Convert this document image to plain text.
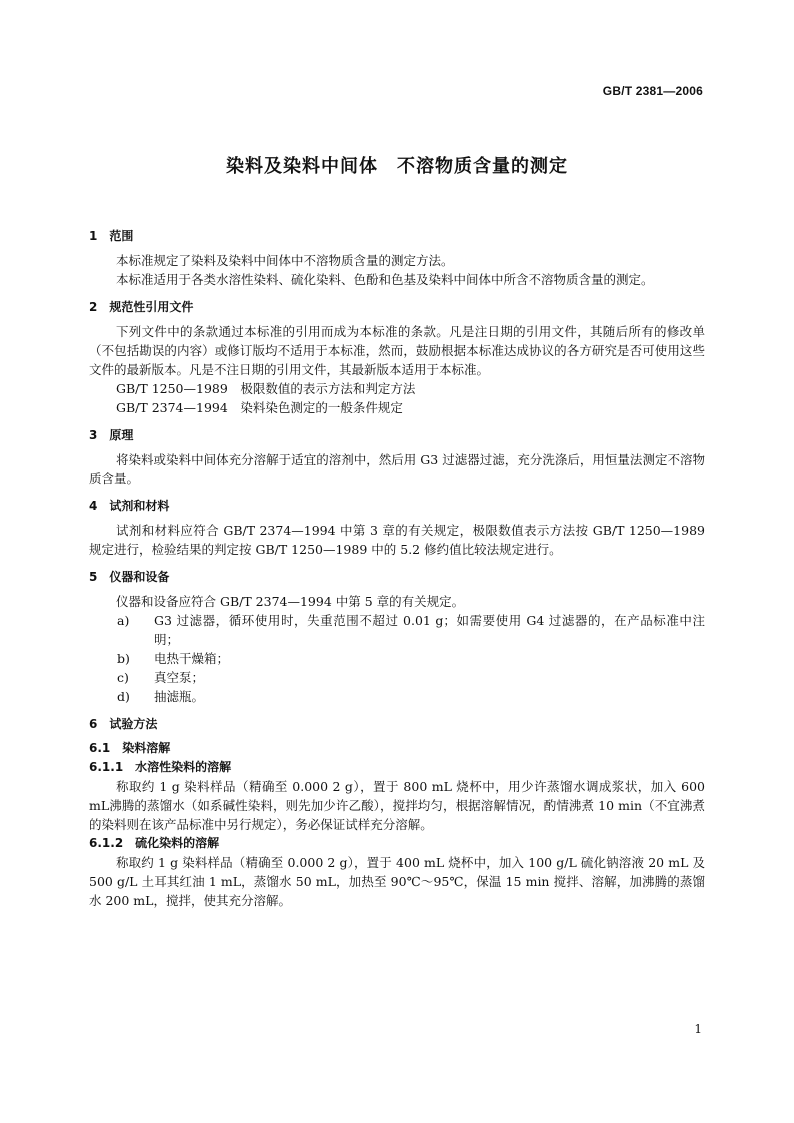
GB/T 2381—2006
染料及染料中间体　不溶物质含量的测定
1　范围

本标准规定了染料及染料中间体中不溶物质含量的测定方法。

本标准适用于各类水溶性染料、硫化染料、色酚和色基及染料中间体中所含不溶物质含量的测定。

2　规范性引用文件

下列文件中的条款通过本标准的引用而成为本标准的条款。凡是注日期的引用文件，其随后所有的修改单（不包括勘误的内容）或修订版均不适用于本标准，然而，鼓励根据本标准达成协议的各方研究是否可使用这些文件的最新版本。凡是不注日期的引用文件，其最新版本适用于本标准。

GB/T 1250—1989　极限数值的表示方法和判定方法

GB/T 2374—1994　染料染色测定的一般条件规定

3　原理

将染料或染料中间体充分溶解于适宜的溶剂中，然后用 G3 过滤器过滤，充分洗涤后，用恒量法测定不溶物质含量。

4　试剂和材料

试剂和材料应符合 GB/T 2374—1994 中第 3 章的有关规定，极限数值表示方法按 GB/T 1250—1989 规定进行，检验结果的判定按 GB/T 1250—1989 中的 5.2 修约值比较法规定进行。

5　仪器和设备

仪器和设备应符合 GB/T 2374—1994 中第 5 章的有关规定。

a)	G3 过滤器，循环使用时，失重范围不超过 0.01 g；如需要使用 G4 过滤器的，在产品标准中注明；
b)	电热干燥箱；
c)	真空泵；
d)	抽滤瓶。
6　试验方法
6.1　染料溶解
6.1.1　水溶性染料的溶解

称取约 1 g 染料样品（精确至 0.000 2 g），置于 800 mL 烧杯中，用少许蒸馏水调成浆状，加入 600 mL沸腾的蒸馏水（如系碱性染料，则先加少许乙酸），搅拌均匀，根据溶解情况，酌情沸煮 10 min（不宜沸煮的染料则在该产品标准中另行规定），务必保证试样充分溶解。

6.1.2　硫化染料的溶解

称取约 1 g 染料样品（精确至 0.000 2 g），置于 400 mL 烧杯中，加入 100 g/L 硫化钠溶液 20 mL 及 500 g/L 土耳其红油 1 mL，蒸馏水 50 mL，加热至 90℃～95℃，保温 15 min 搅拌、溶解，加沸腾的蒸馏水 200 mL，搅拌，使其充分溶解。

1
